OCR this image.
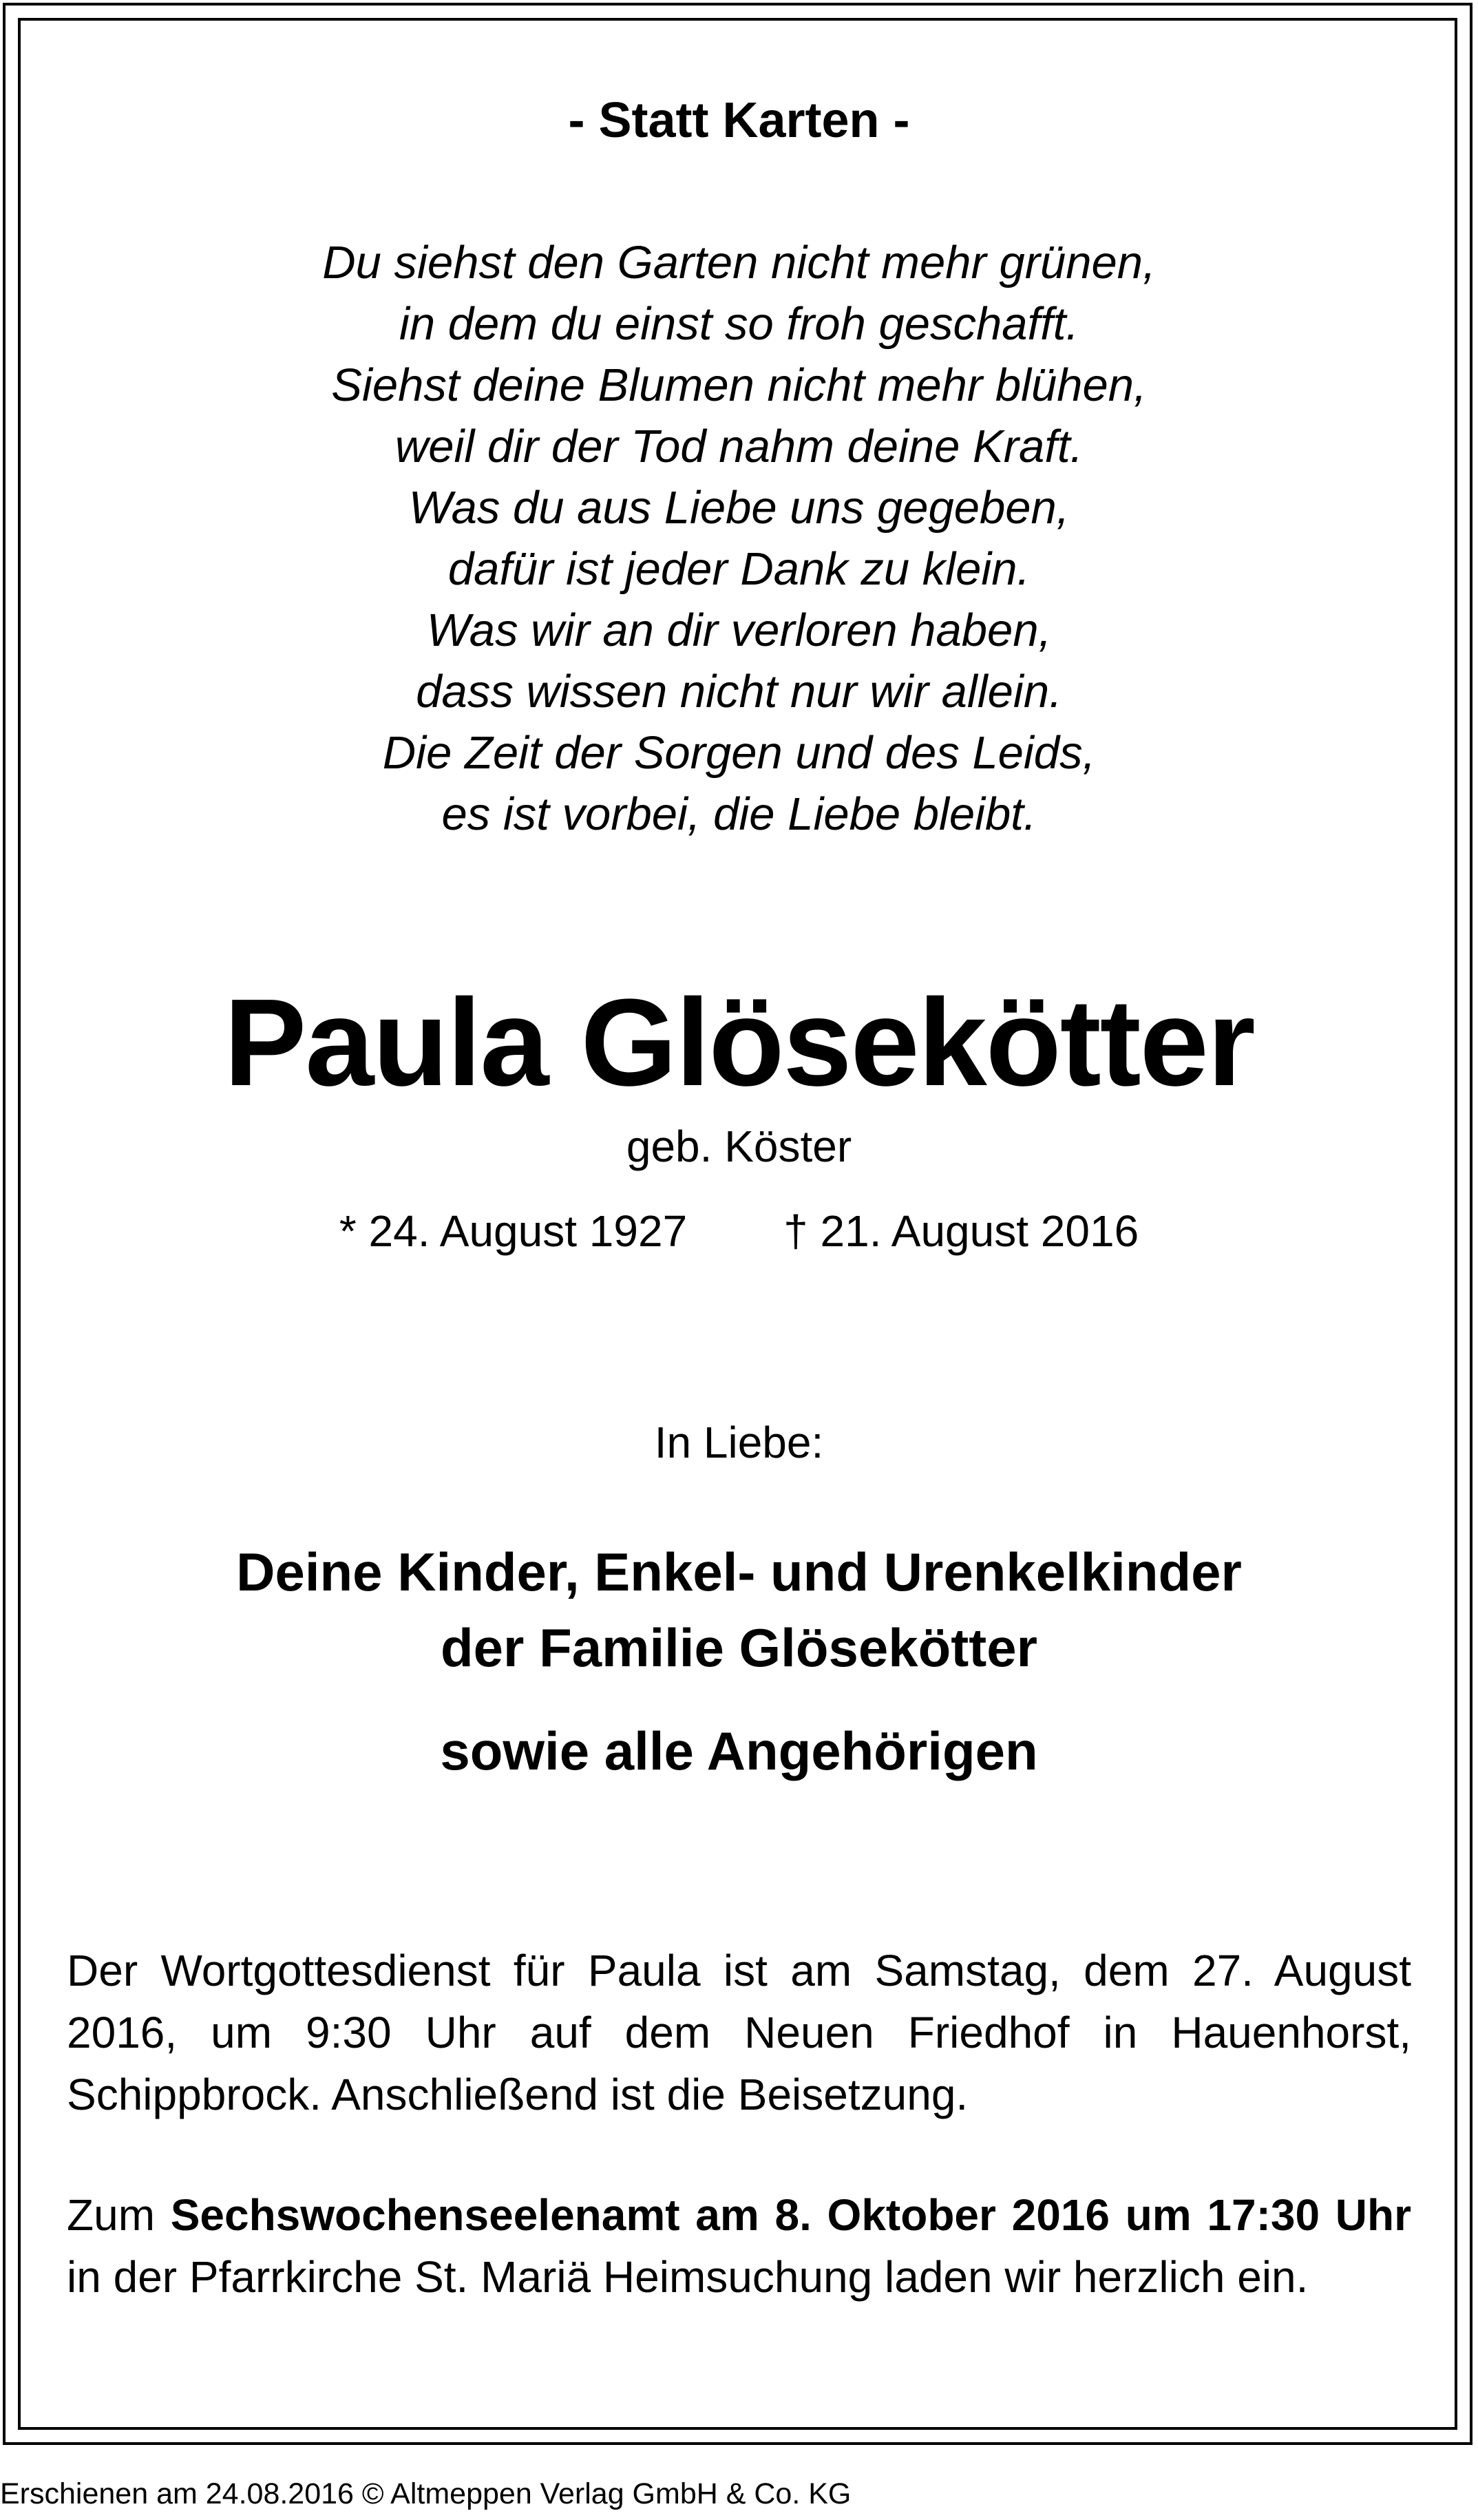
- Statt Karten -
Du siehst den Garten nicht mehr grünen,
in dem du einst so froh geschafft.
Siehst deine Blumen nicht mehr blühen,
weil dir der Tod nahm deine Kraft.
Was du aus Liebe uns gegeben,
dafür ist jeder Dank zu klein.
Was wir an dir verloren haben,
dass wissen nicht nur wir allein.
Die Zeit der Sorgen und des Leids,
es ist vorbei, die Liebe bleibt.
Paula Glösekötter
geb. Köster
* 24. August 1927 † 21. August 2016
In Liebe:
Deine Kinder, Enkel- und Urenkelkinder
der Familie Glösekötter
sowie alle Angehörigen
Der Wortgottesdienst für Paula ist am Samstag, dem 27. August 2016, um 9:30 Uhr auf dem Neuen Friedhof in Hauenhorst, Schippbrock. Anschließend ist die Beisetzung.
Zum Sechswochenseelenamt am 8. Oktober 2016 um 17:30 Uhr in der Pfarrkirche St. Mariä Heimsuchung laden wir herzlich ein.
Erschienen am 24.08.2016 © Altmeppen Verlag GmbH & Co. KG
